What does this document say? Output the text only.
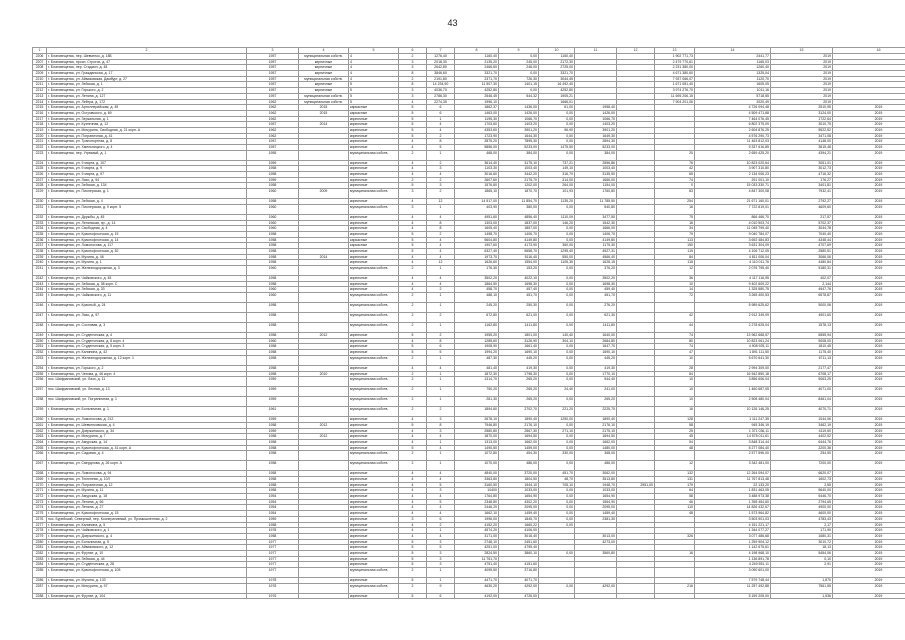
43
1	2	3	4	5	6	7	8	9	10	11	12	13	14	15	16
2206	г. Благовещенск, пер. Шевченко, д. 18Б	1957	муниципальная собств.	4	2	1276,40	1160,40	0,00	1160,40			1 902 771,73	2441,77	2019	
2207	г. Благовещенск, просп. Строгих, д. 47	1957	кирпичные	4	3	2018,30	2135,20	245,00	2172,30			2 479 770,61	1165,03	2019	
2208	г. Благовещенск, пер. Стадион, д. 48	1957	кирпичные	4	3	2642,80	2466,60	246,00	2725,00			2 231 380,00	1260,40	2019	
2209	г. Благовещенск, ул. Гражданская, д. 17	1957	кирпичные	4	8	3846,60	3321,70	0,00	3321,70			4 671 380,60	1325,04	2019	
2210	г. Благовещенск, ул. Айвазовская, Дамбург, д. 27	1957	муниципальная собств.	4	2	2191,80	2371,70	726,30	3044,45			7 937 066,07	1120,70	2019	
2211	г. Благовещенск, ул. Зейская, д. 1	1957	кирпичные	5	8	14 234,90	11 507,30	1401,15	16 492,40			1 671 081,40	1605,05	2019	
2212	г. Благовещенск, ул. Горького, д. 2	1957	кирпичные	5	3	4036,70	4252,80	0,00	4252,80			3 974 276,70	1011,16	2019	
2213	г. Благовещенск, ул. Ленина, д. 127	1957	муниципальная собств.	5	3	2786,30	2546,45	544,32	1905,21			11 695 206,15	5718,55	2019	
2214	г. Благовещенск, ул. Лейтра, д. 172	1962	муниципальная собств.	5	4	2274,35	1996,10		1666,01			7 904 201,06	2020,49	2019	
2215	г. Благовещенск, ул. Артиллерийская, д. 45	1962	2015	каркасные	5	6	1862,37	1436,00	61,00	1958,40			4 726 094,48	2510,95	2019
2216	г. Благовещенск, ул. Островского, д. 69	1962	2015	каркасные	5	6	1463,00	1426,00	0,00	1426,00			4 509 471,68	3124,00	2019
2217	г. Благовещенск, ул. Зеркальная, д. 1	1962		кирпичные	5	1	1195,30	1066,70	0,00	1066,70			7 464 076,45	1722,64	2019
2218	г. Благовещенск, ул. Кузнечная, д. 12	1957	2014	кирпичные	5	4	1703,60	1403,20	0,00	1403,20			6 802 375,09	3010,75	2019
2219	г. Благовещенск, ул. Мичурина, Свободная, д. 21 корп. А	1962		кирпичные	5	4	4353,60	3901,20	96,90	3901,20			2 604 876,25	5522,52	2019
2220	г. Благовещенск, ул. Пограничная, д. 41	1962		кирпичные	5	2	1723,90	1644,30	0,00	1649,30			4 576 290,73	3471,08	2019
2221	г. Благовещенск, ул. Транспортная, д. 8	1957		кирпичные	4	8	2875,20	7895,30	0,00	2894,30			11 463 812,03	4148,00	2019
2222	г. Благовещенск, ул. Хмельницкого, д. 4	1957		кирпичные	4	5	5856,00	5233,00	1475,50	5233,00			9 337 616,85	3615,48	2019
2223	г. Благовещенск, пер. Угрюмый, д. 1	1955		муниципальная собств.	2	1	468,00	384,00	0,00	384,00		20	2 659 425,20	4394,21	2019
2224	г. Благовещенск, ул. 9 марта, д. 107	1959		кирпичные	4	2	3614,40	3175,10	737,21	2556,86		76	10 823 020,64	3051,01	2019
2225	г. Благовещенск, ул. 9 марта, д. 9	1958		кирпичные	4	3	1103,30	1003,40	149,10	1003,40		42	3 907 310,80	3012,73	2019
2226	г. Благовещенск, ул. 9 марта, д. 97	1958		кирпичные	4	4	3016,60	3442,20	316,70	3135,50		65	2 134 006,23	4716,32	2019
2227	г. Благовещенск, ул. Лазо, д. 94	1959		кирпичные	2	2	2607,60	2175,70	314,00	1666,00		74	291 001,10	176,27	2019
2228	г. Благовещенск, ул. Зейская, д. 134	1958		кирпичные	5	3	1576,80	1202,00	264,00	1154,00		0	15 033 330,71	3401,81	2019
2229	г. Благовещенск, ул. Пионерская, д. 1	1960	2009	муниципальная собств.	3	2	1865,10	1870,70	101,93	1760,80		83	4 847 300,08	7932,41	2019
2230	г. Благовещенск, ул. Зейская, д. 4	1958		кирпичные	4	12	14 517,00	11 854,70	1135,20	11 785,50		254	21 671 160,01	2792,27	2019
2231	г. Благовещенск, ул. Пионерская, д. 9 корп. 5	1960		муниципальная собств.	3	1	403,90	380,00	0,00	540,80		16	7 722 819,01	4609,60	2019
2232	г. Благовещенск, ул. Дружбы, д. 45	1960		кирпичные	4	4	4951,60	4856,40	1110,09	3477,50		75	866 466,70	217,57	2019
2233	г. Благовещенск, ул. Ленинская, пр., д. 14	1960		кирпичные	4	8	1303,00	1837,00	146,20	1542,30		16	4 010 503,74	5702,37	2019
2234	г. Благовещенск, ул. Свободная, д. 4	1960		кирпичные	4	8	1605,40	1857,00	0,00	1666,00		34	11 045 799,40	3044,78	2019
2235	г. Благовещенск, ул. Краснофлотская, д. 15	1958		кирпичные	5	2	1498,70	1406,70	0,00	1406,70		79	9 040 784,07	7040,40	2019
2236	г. Благовещенск, ул. Краснофлотская, д. 14	1958		каркасные	5	4	5604,80	4149,80	0,00	4149,80		113	3 692 484,83	4348,44	2019
2237	г. Благовещенск, ул. Ломоносова, д. 117	1958		каркасные	5	4	1907,60	4173,90	360,00	1175,30		150	3 631 304,09	4707,69	2019
2238	г. Благовещенск, ул. Краснофлотская, д. 52	1958		кирпичные	5	4	6327,40	5658,70	1295,40	4527,31		119	4 106 712,05	2580,51	2019
2239	г. Благовещенск, ул. Мухина, д. 46	1958	2014	кирпичные	4	4	1973,70	5116,40	550,00	4566,40		84	4 811 006,04	3066,06	2019
2240	г. Благовещенск, ул. Мухина, д. 1	1958		кирпичные	4	12	1626,60	1554,00	1105,35	1628,15		115	4 110 011,76	4480,84	2019
2241	г. Благовещенск, ул. Железнодорожная, д. 3	1960		муниципальная собств.	2	1	176,30	153,20	0,00	376,20		12	2 076 795,40	5180,31	2019
2242	г. Благовещенск, ул. Чайковского, д. 45	1958		кирпичные	4	4	3502,20	4022,10	0,00	3502,20		36	4 117 116,95	402,07	2019
2243	г. Благовещенск, ул. Зейская, д. 38 корп. С	1958		кирпичные	4	4	1864,50	1698,30	0,00	1698,30		10	9 402 609,22	2,144	2019
2244	г. Благовещенск, ул. Зейская, д. 33	1960		кирпичные	4	2	458,70	457,40	0,00	459,40		14	1 325 580,75	4947,76	2019
2245	г. Благовещенск, ул. Чайковского, д. 11	1960		муниципальная собств.	2	1	488,10	451,70	0,00	451,70		72	3 265 400,53	6578,87	2019
2246	г. Благовещенск, ул. Красный, д. 24	1958		муниципальная собств.	2	1	245,20	250,30	0,00	276,20			5 989 625,62	5000,06	2019
2247	г. Благовещенск, ул. Лазо, д. 97	1958		муниципальная собств.	2	2	672,80	621,00	0,00	621,30		42	2 912 349,09	4901,60	2019
2248	г. Благовещенск, ул. Сосновая, д. 3	1958		муниципальная собств.	2	1	1162,80	1411,80	0,00	1411,80		44	2 278 625,04	1578,13	2019
2249	г. Благовещенск, ул. Студенческая, д. 4	1958	2012	кирпичные	5	2	1955,20	1801,00	140,40	1640,00		74	13 962 668,57	6555,94	2019
2250	г. Благовещенск, ул. Студенческая, д. 8 корп. 4	1960		кирпичные	4	8	1285,60	3126,90	304,10	2684,80		80	10 823 061,24	5008,00	2019
2251	г. Благовещенск, ул. Студенческая, д. 5 корп. 3	1958		кирпичные	5	6	1908,90	1661,40	0,00	1647,70		74	4 908 925,11	1810,45	2019
2252	г. Благовещенск, ул. Калинина, д. 42	1958		кирпичные	5	5	1994,20	1690,10	0,00	1690,10		47	1 891 111,50	1175,40	2019
2253	г. Благовещенск, ул. Железнодорожная, д. 12 корп. 1	1958		муниципальная собств.	2	1	487,30	445,20	0,00	445,20		10	5 670 641,30	6711,13	2019
2254	г. Благовещенск, ул. Горького, д. 2	1958		кирпичные	4	4	481,40	419,30	0,00	419,30		28	2 994 309,00	2177,47	2019
2255	г. Благовещенск, ул. Чехова, д. 46 корп. 4	1958	2010	кирпичные	2	1	1872,30	1798,30	0,00	1770,10		84	16 542 850,18	6708,17	2019
2256	пос. Шафрановский, ул. Лазо, д. 11	1959		муниципальная собств.	2	1	1314,70	265,20	0,00	944,40		10	3 856 606,04	5063,25	2019
2257	пос. Шафрановский, ул. Лесная, д. 13	1959		муниципальная собств.	2	1	750,20	265,20	24,40	241,00		10	1 460 687,05	4071,00	2019
2258	пос. Шафрановский, ул. Пограничная, д. 1	1959		муниципальная собств.	2	1	281,30	265,20	0,00	265,20		10	2 508 480,04	8461,04	2019
2259	г. Благовещенск, ул. Больничная, д. 1	1961		муниципальная собств.	2	2	1894,60	2702,70	221,20	2225,70		16	10 126 146,25	4070,71	2019
2260	г. Благовещенск, ул. Ломоносова, д. 212	1959		кирпичные	4	3	2678,10	1890,40	1250,00	1890,40		128	1 111 247,35	1044,06	2019
2261	г. Благовещенск, ул. Шевченковская, д. 4	1958	2012	кирпичные	5	8	7946,80	2176,10	0,00	2176,10		58	945 346,19	3462,19	2019
2262	г. Благовещенск, ул. Дзержинского, д. 34	1959		кирпичные	4	3	2580,80	2567,30	271,10	2175,10		25	1 371 036,11	4119,60	2019
2263	г. Благовещенск, ул. Мичурина, д. 7	1958	2012	кирпичные	4	4	1870,00	1694,50	0,00	1694,50		45	14 578 011,61	4402,52	2019
2264	г. Благовещенск, ул. Амурская, д. 14	1958		кирпичные	4	1	1313,00	1662,00	0,00	1662,00		54	3 848 314,44	6444,76	2019
2265	г. Благовещенск, ул. Краснофлотская, д. 41 корп. А	1958		кирпичные	5	4	1490,50	1459,00	0,00	1480,00		48	5 277 084,40	2200,36	2019
2266	г. Благовещенск, ул. Садовая, д. 4	1958		муниципальная собств.	2	1	1072,80	454,30	330,00	368,00			2 577 596,00	254,50	2019
2267	г. Благовещенск, ул. Свердлова, д. 26 корп. А	1958		муниципальная собств.	2	1	1070,00	486,00	0,00	486,00		12	3 342 481,00	7200,00	2019
2268	г. Благовещенск, ул. Ломоносова, д. 94	1958		кирпичные	4	4	4840,00	3720,00	451,70	3062,00		132	12 264 094,07	6620,07	2019
2269	г. Благовещенск, ул. Тюленева, д. 10Л	1958		кирпичные	4	4	3363,80	1804,50	48,70	3513,80		131	11 767 813,48	1602,73	2019
2270	г. Благовещенск, ул. Пограничная, д. 12	1958		кирпичные	4	5	3160,50	1944,10	705,10	1948,70	2951,00	179	22 133,20	2,55	2019
2271	г. Благовещенск, ул. Мухина, д. 11	1958		кирпичные	4	3	10400	1033,00	0,00	1033,00		64	1 831 463,05	5640,00	2019
2272	г. Благовещенск, ул. Амурская, д. 18	1954		кирпичные	4	4	1764,80	1654,90	0,00	1654,90		58	3 488 973,38	5446,70	2019
2273	г. Благовещенск, ул. Ленина, д. 66	1954		кирпичные	4	5	2348,80	4302,20	0,00	1564,90		46	1 395 454,60	2794,65	2019
2274	г. Благовещенск, ул. Ленина, д. 27	1954		кирпичные	4	4	2446,20	2095,00	0,00	2095,00		110	14 826 432,67	4900,00	2019
2275	г. Благовещенск, ул. Краснофлотская, д. 15	1954		кирпичные	4	4	1662,10	1459,40	0,00	1459,40		48	1 573 964,82	4600,00	2019
2276	пос. Бурейский, Северный, пер. Кооперативный, ул. Промышленная, д. 2	1959		кирпичные	3	6	1996,00	1845,70	0,00	2381,30			3 503 901,03	4783,43	2019
2277	г. Благовещенск, ул. Калинина, д. 5	1958		кирпичные	4	2	4152,20	1660,22	0,00				4 151 221,17	2,17	2019
2278	г. Благовещенск, ул. Чайковского, д. 1	1978		кирпичные	4	1	4574,20	4106,00					1 344 077,27	171,90	2019
2279	г. Благовещенск, ул. Дзержинского, д. 4	1958		кирпичные	4	4	3171,00	3016,40		3013,00		326	3 077 486,68	1680,31	2019
2280	г. Благовещенск, ул. Больничная, д. 5	1977		кирпичные	5	3	2748,10	2451,60		4273,00			1 259 904,12	3010,72	2019
2281	г. Благовещенск, ул. Айвазовского, д. 12	1977		кирпичные	5	5	4251,00	4795,40					1 142 675,61	18,13	2019
2282	г. Благовещенск, ул. Фрунзе, д. 10	1977		кирпичные	5	3	2824,50	3860,10	0,00	3560,80		16	4 198 968,10	5454,06	2019
2283	г. Благовещенск, ул. Зейская, д. 44	1977		кирпичные	5	3	11 751,70						1 136 891,78	0,10	2019
2284	г. Благовещенск, ул. Студенческая, д. 28	1977		кирпичные	5	3	4751,40	4151,60					4 249 551,11	2,91	2019
2285	г. Благовещенск, ул. Краснофлотская, д. 105	1977		муниципальная собств.	2	1	4095,50	3716,80					3 090 601,00		2019
2286	г. Благовещенск, ул. Мухина, д. 133	1978		кирпичные	5	1	4471,70	4071,70					7 579 748,44	1,870	2019
2287	г. Благовещенск, ул. Мичурина, д. 97	1978		муниципальная собств.	2	9	4630,20	4292,00	0,00	4292,00		216	11 257 492,88	7561,55	2019
2288	г. Благовещенск, ул. Фрунзе, д. 104	1976		кирпичные	5	6	4192,00	4726,00					5 159 205,00	1,536	2019
